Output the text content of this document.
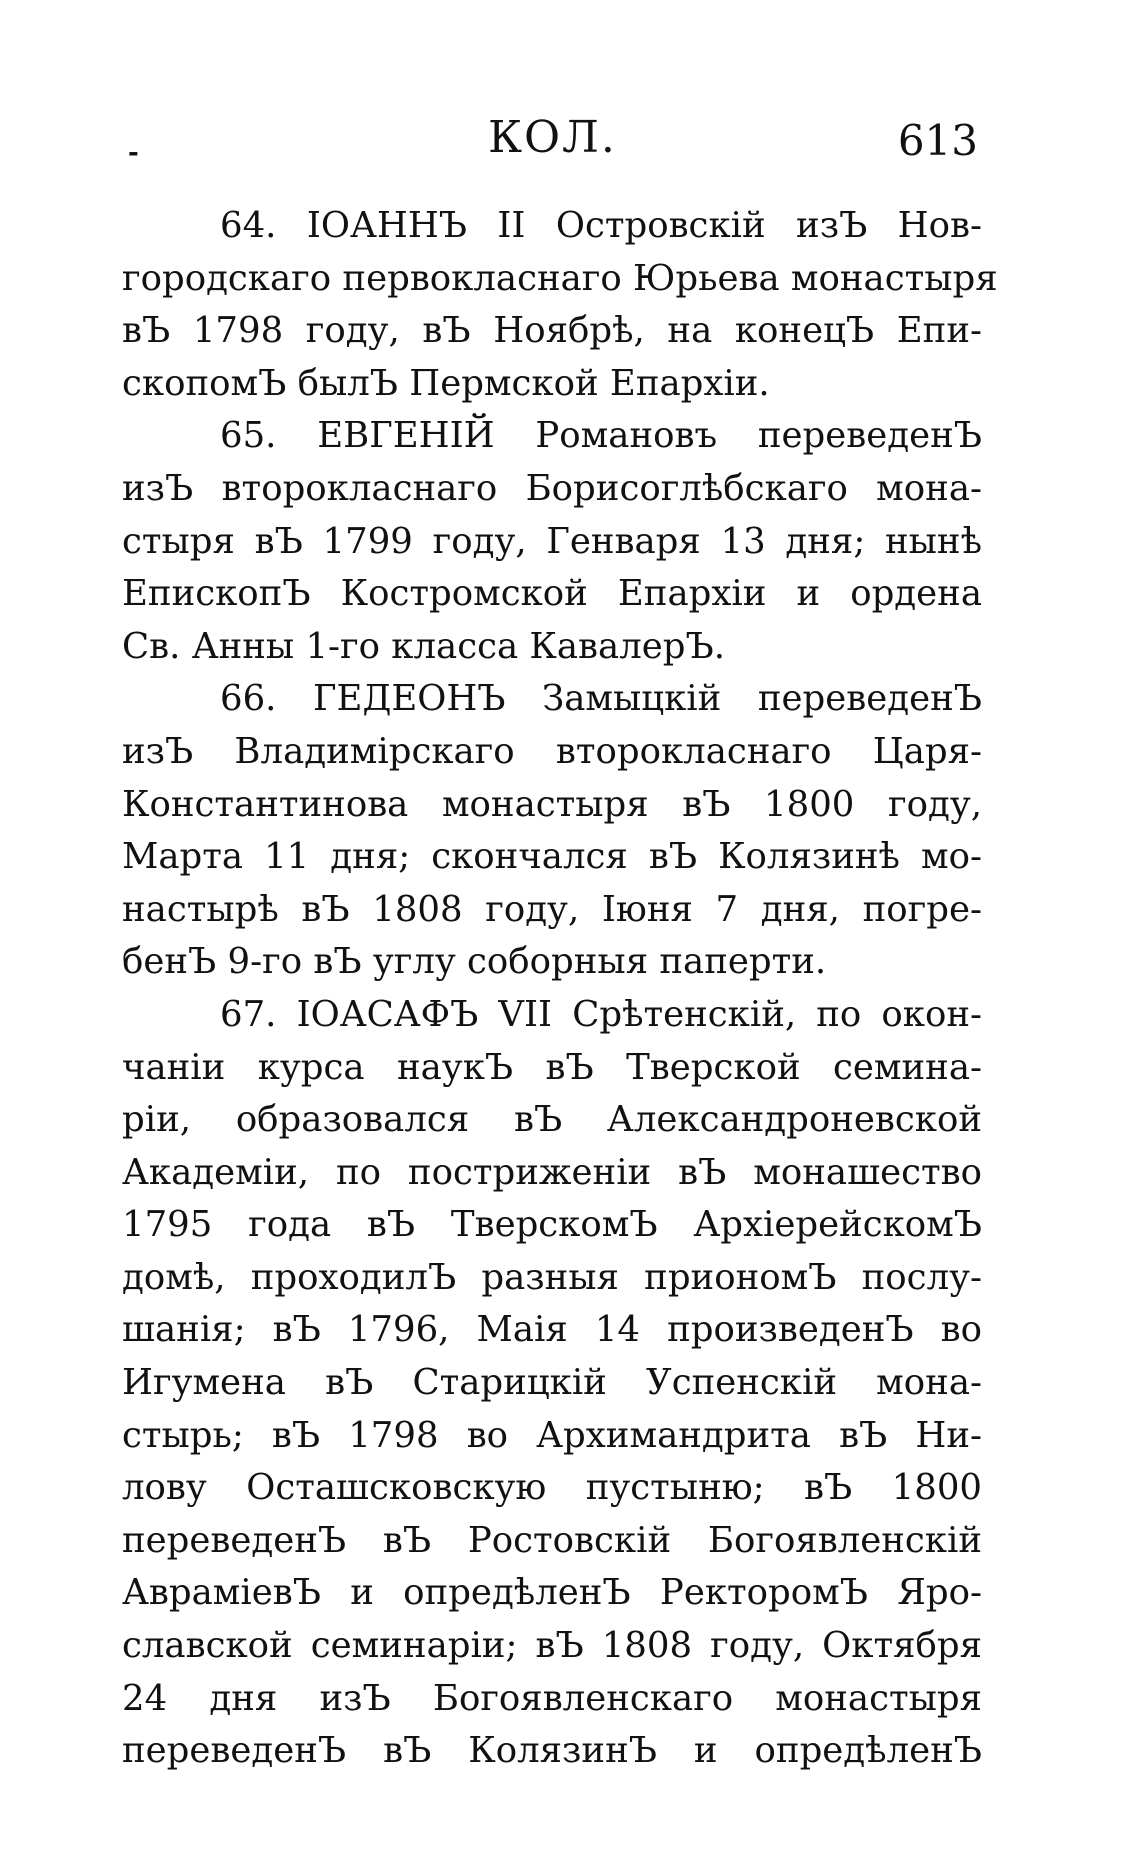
-	КОЛ.	613
64. ІОАННЪ II Островскій изЪ Нов-
городскаго первокласнаго Юрьева монастыря
вЪ 1798 году, вЪ Ноябрѣ, на конецЪ Епи-
скопомЪ былЪ Пермской Епархіи.
65. ЕВГЕНІЙ Романовъ переведенЪ
изЪ второкласнаго Борисоглѣбскаго мона-
стыря вЪ 1799 году, Генваря 13 дня; нынѣ
ЕпископЪ Костромской Епархіи и ордена
Св. Анны 1-го класса КавалерЪ.
66. ГЕДЕОНЪ Замыцкій переведенЪ
изЪ Владимірскаго второкласнаго Царя-
Константинова монастыря вЪ 1800 году,
Марта 11 дня; скончался вЪ Колязинѣ мо-
настырѣ вЪ 1808 году, Іюня 7 дня, погре-
бенЪ 9-го вЪ углу соборныя паперти.
67. ІОАСАФЪ VII Срѣтенскій, по окон-
чаніи курса наукЪ вЪ Тверской семина-
ріи, образовался вЪ Александроневской
Академіи, по постриженіи вЪ монашество
1795 года вЪ ТверскомЪ АрхіерейскомЪ
домѣ, проходилЪ разныя приономЪ послу-
шанія; вЪ 1796, Маія 14 произведенЪ во
Игумена вЪ Старицкій Успенскій мона-
стырь; вЪ 1798 во Архимандрита вЪ Ни-
лову Осташсковскую пустыню; вЪ 1800
переведенЪ вЪ Ростовскій Богоявленскій
АвраміевЪ и опредѣленЪ РекторомЪ Яро-
славской семинаріи; вЪ 1808 году, Октября
24 дня изЪ Богоявленскаго монастыря
переведенЪ вЪ КолязинЪ и опредѣленЪ
